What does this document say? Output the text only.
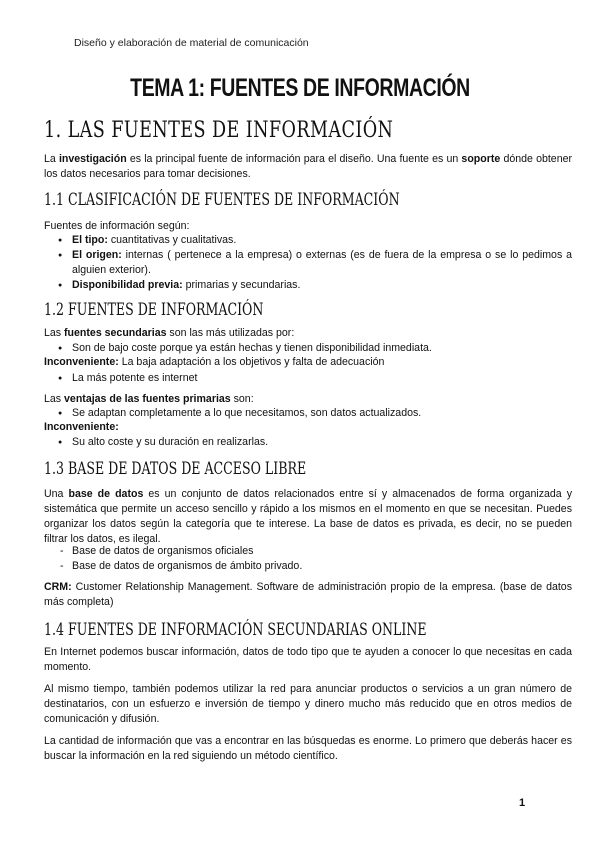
Diseño y elaboración de material de comunicación
TEMA 1: FUENTES DE INFORMACIÓN
1. LAS FUENTES DE INFORMACIÓN
La investigación es la principal fuente de información para el diseño. Una fuente es un soporte dónde obtener los datos necesarios para tomar decisiones.
1.1 CLASIFICACIÓN DE FUENTES DE INFORMACIÓN
Fuentes de información según:
● El tipo: cuantitativas y cualitativas.
● El origen: internas ( pertenece a la empresa) o externas (es de fuera de la empresa o se lo pedimos a alguien exterior).
● Disponibilidad previa: primarias y secundarias.
1.2 FUENTES DE INFORMACIÓN
Las fuentes secundarias son las más utilizadas por:
● Son de bajo coste porque ya están hechas y tienen disponibilidad inmediata.
Inconveniente: La baja adaptación a los objetivos y falta de adecuación
● La más potente es internet
Las ventajas de las fuentes primarias son:
● Se adaptan completamente a lo que necesitamos, son datos actualizados.
Inconveniente:
● Su alto coste y su duración en realizarlas.
1.3 BASE DE DATOS DE ACCESO LIBRE
Una base de datos es un conjunto de datos relacionados entre sí y almacenados de forma organizada y sistemática que permite un acceso sencillo y rápido a los mismos en el momento en que se necesitan. Puedes organizar los datos según la categoría que te interese. La base de datos es privada, es decir, no se pueden filtrar los datos, es ilegal.
- Base de datos de organismos oficiales
- Base de datos de organismos de ámbito privado.
CRM: Customer Relationship Management. Software de administración propio de la empresa. (base de datos más completa)
1.4 FUENTES DE INFORMACIÓN SECUNDARIAS ONLINE
En Internet podemos buscar información, datos de todo tipo que te ayuden a conocer lo que necesitas en cada momento.
Al mismo tiempo, también podemos utilizar la red para anunciar productos o servicios a un gran número de destinatarios, con un esfuerzo e inversión de tiempo y dinero mucho más reducido que en otros medios de comunicación y difusión.
La cantidad de información que vas a encontrar en las búsquedas es enorme. Lo primero que deberás hacer es buscar la información en la red siguiendo un método científico.
1
